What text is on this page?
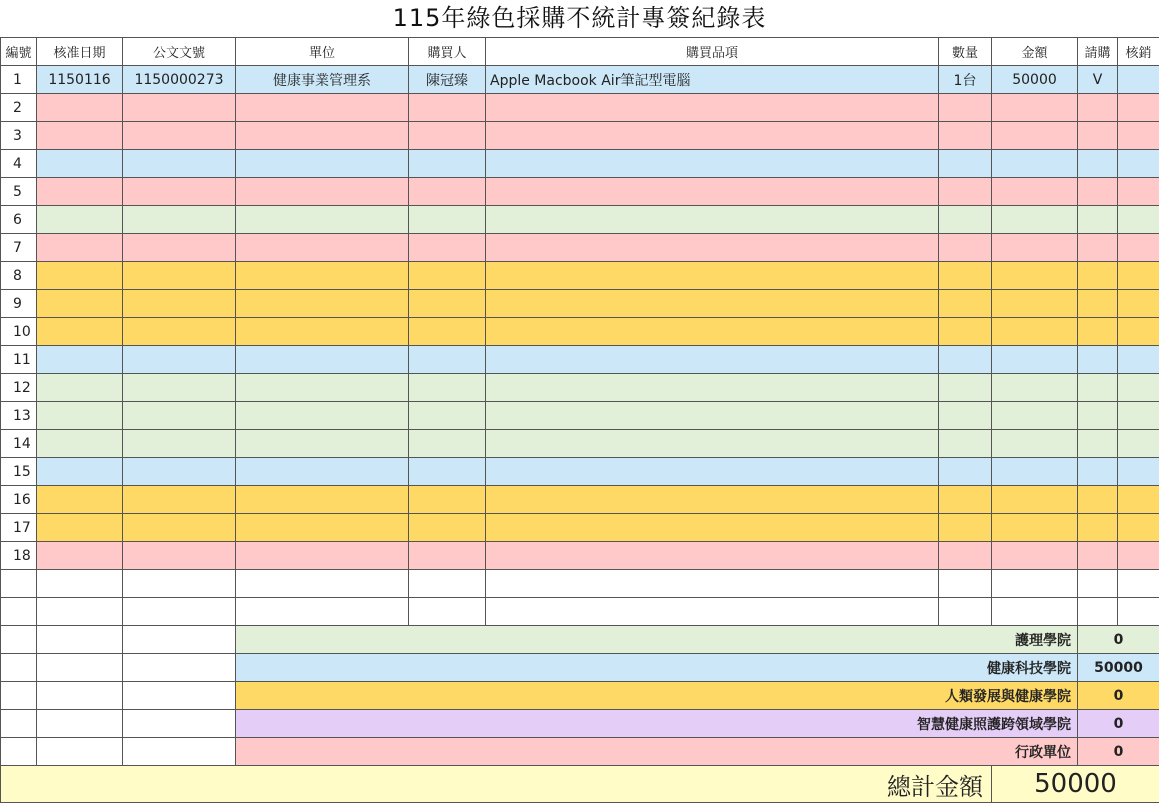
115年綠色採購不統計專簽紀錄表
編號	核准日期	公文文號	單位	購買人	購買品項	數量	金額	請購	核銷	
1	1150116	1150000273	健康事業管理系	陳冠臻	Apple Macbook Air筆記型電腦	1台	50000	V		
2										
3										
4										
5										
6										
7										
8										
9										
10										
11										
12										
13										
14										
15										
16										
17										
18										

			護理學院					0		
			健康科技學院					50000		
			人類發展與健康學院					0		
			智慧健康照護跨領域學院					0		
			行政單位					0		
總計金額							50000			
